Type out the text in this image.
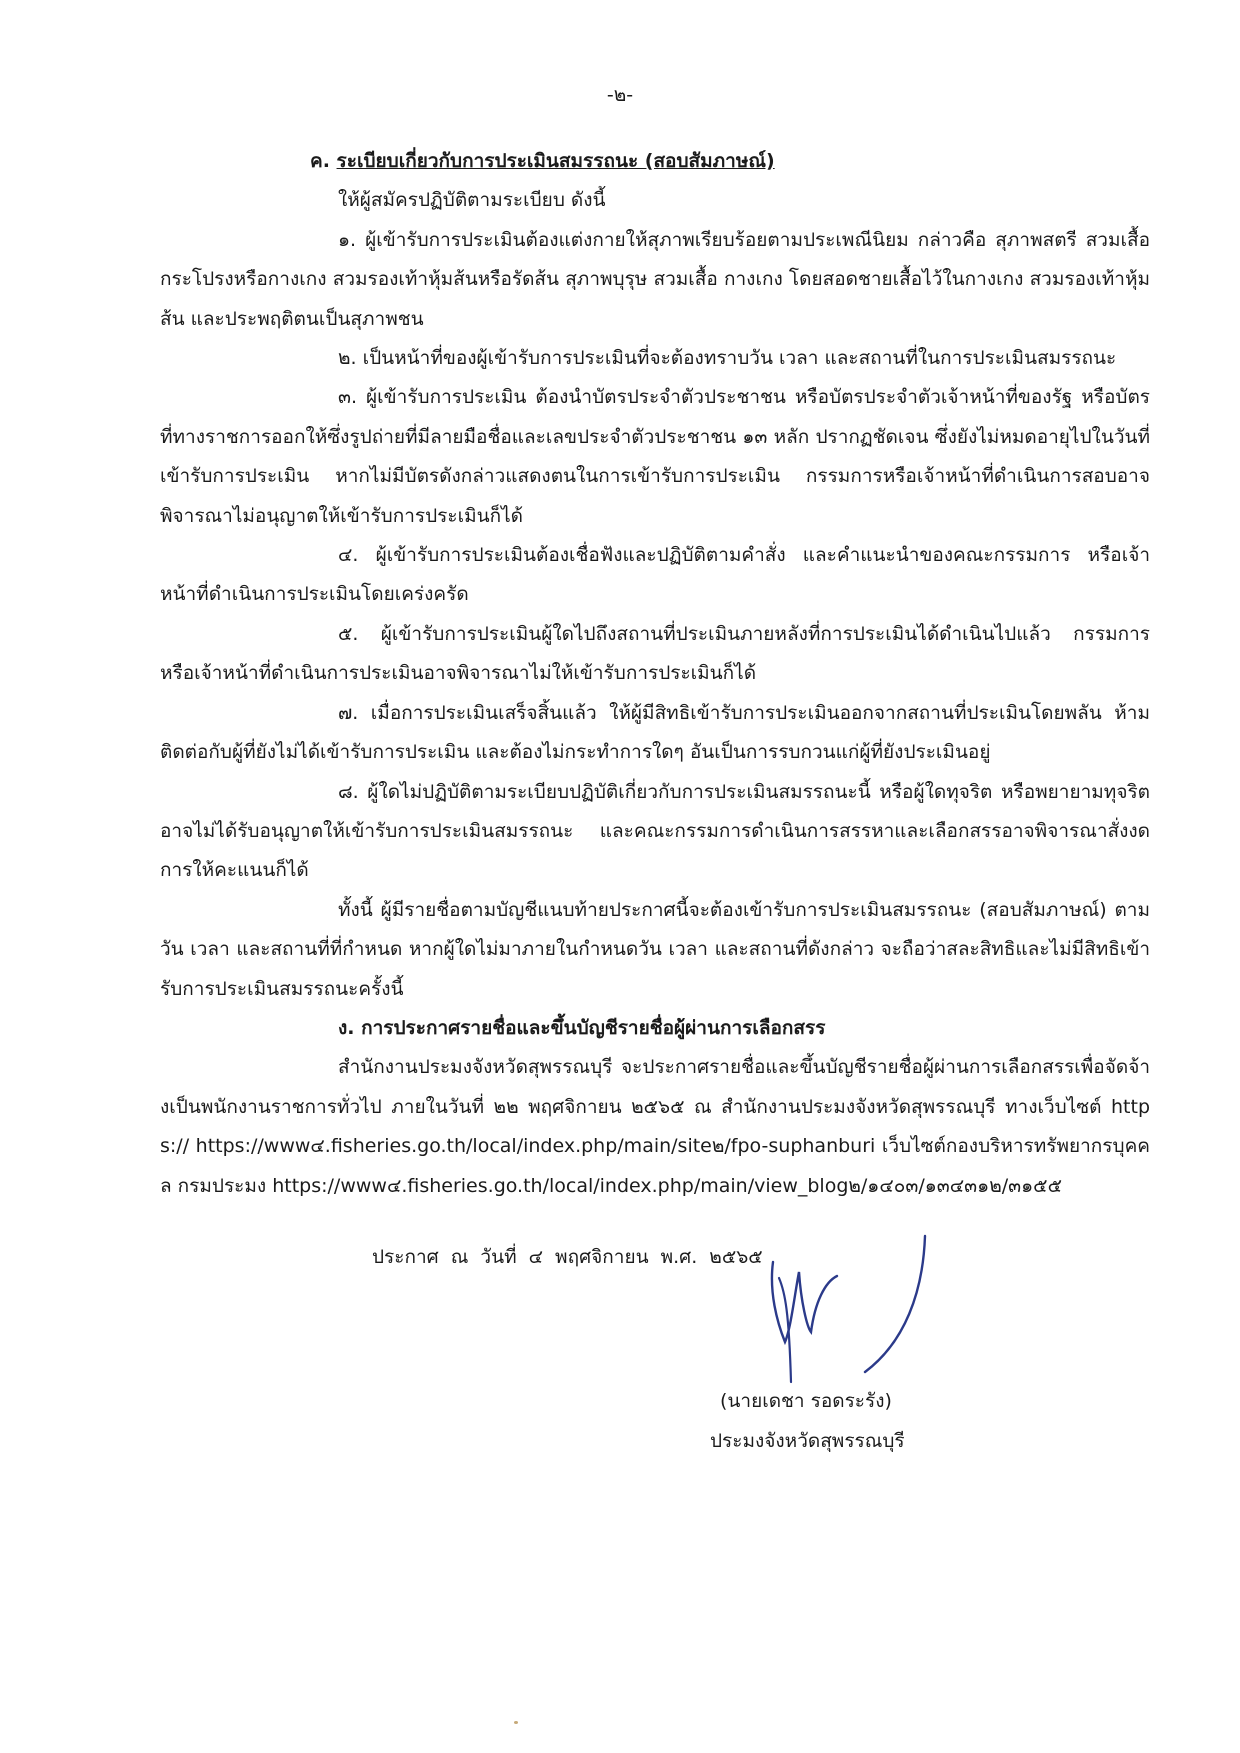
-๒-

ค. ระเบียบเกี่ยวกับการประเมินสมรรถนะ (สอบสัมภาษณ์)

ให้ผู้สมัครปฏิบัติตามระเบียบ ดังนี้

๑. ผู้เข้ารับการประเมินต้องแต่งกายให้สุภาพเรียบร้อยตามประเพณีนิยม กล่าวคือ สุภาพสตรี สวมเสื้อ กระโปรงหรือกางเกง สวมรองเท้าหุ้มส้นหรือรัดส้น สุภาพบุรุษ สวมเสื้อ กางเกง โดยสอดชายเสื้อไว้ในกางเกง สวมรองเท้าหุ้มส้น และประพฤติตนเป็นสุภาพชน

๒. เป็นหน้าที่ของผู้เข้ารับการประเมินที่จะต้องทราบวัน เวลา และสถานที่ในการประเมินสมรรถนะ

๓. ผู้เข้ารับการประเมิน ต้องนำบัตรประจำตัวประชาชน หรือบัตรประจำตัวเจ้าหน้าที่ของรัฐ หรือบัตรที่ทางราชการออกให้ซึ่งรูปถ่ายที่มีลายมือชื่อและเลขประจำตัวประชาชน ๑๓ หลัก ปรากฏชัดเจน ซึ่งยังไม่หมดอายุไปในวันที่เข้ารับการประเมิน หากไม่มีบัตรดังกล่าวแสดงตนในการเข้ารับการประเมิน กรรมการหรือเจ้าหน้าที่ดำเนินการสอบอาจพิจารณาไม่อนุญาตให้เข้ารับการประเมินก็ได้

๔. ผู้เข้ารับการประเมินต้องเชื่อฟังและปฏิบัติตามคำสั่ง และคำแนะนำของคณะกรรมการ หรือเจ้าหน้าที่ดำเนินการประเมินโดยเคร่งครัด

๕. ผู้เข้ารับการประเมินผู้ใดไปถึงสถานที่ประเมินภายหลังที่การประเมินได้ดำเนินไปแล้ว กรรมการหรือเจ้าหน้าที่ดำเนินการประเมินอาจพิจารณาไม่ให้เข้ารับการประเมินก็ได้

๗. เมื่อการประเมินเสร็จสิ้นแล้ว ให้ผู้มีสิทธิเข้ารับการประเมินออกจากสถานที่ประเมินโดยพลัน ห้ามติดต่อกับผู้ที่ยังไม่ได้เข้ารับการประเมิน และต้องไม่กระทำการใดๆ อันเป็นการรบกวนแก่ผู้ที่ยังประเมินอยู่

๘. ผู้ใดไม่ปฏิบัติตามระเบียบปฏิบัติเกี่ยวกับการประเมินสมรรถนะนี้ หรือผู้ใดทุจริต หรือพยายามทุจริตอาจไม่ได้รับอนุญาตให้เข้ารับการประเมินสมรรถนะ และคณะกรรมการดำเนินการสรรหาและเลือกสรรอาจพิจารณาสั่งงดการให้คะแนนก็ได้

ทั้งนี้ ผู้มีรายชื่อตามบัญชีแนบท้ายประกาศนี้จะต้องเข้ารับการประเมินสมรรถนะ (สอบสัมภาษณ์) ตามวัน เวลา และสถานที่ที่กำหนด หากผู้ใดไม่มาภายในกำหนดวัน เวลา และสถานที่ดังกล่าว จะถือว่าสละสิทธิและไม่มีสิทธิเข้ารับการประเมินสมรรถนะครั้งนี้

ง. การประกาศรายชื่อและขึ้นบัญชีรายชื่อผู้ผ่านการเลือกสรร

สำนักงานประมงจังหวัดสุพรรณบุรี จะประกาศรายชื่อและขึ้นบัญชีรายชื่อผู้ผ่านการเลือกสรรเพื่อจัดจ้างเป็นพนักงานราชการทั่วไป ภายในวันที่ ๒๒ พฤศจิกายน ๒๕๖๕ ณ สำนักงานประมงจังหวัดสุพรรณบุรี ทางเว็บไซต์ https:// https://www๔.fisheries.go.th/local/index.php/main/site๒/fpo-suphanburi เว็บไซต์กองบริหารทรัพยากรบุคคล กรมประมง https://www๔.fisheries.go.th/local/index.php/main/view_blog๒/๑๔๐๓/๑๓๔๓๑๒/๓๑๕๕

ประกาศ ณ วันที่ ๔ พฤศจิกายน พ.ศ. ๒๕๖๕
(นายเดชา รอดระรัง)
ประมงจังหวัดสุพรรณบุรี
